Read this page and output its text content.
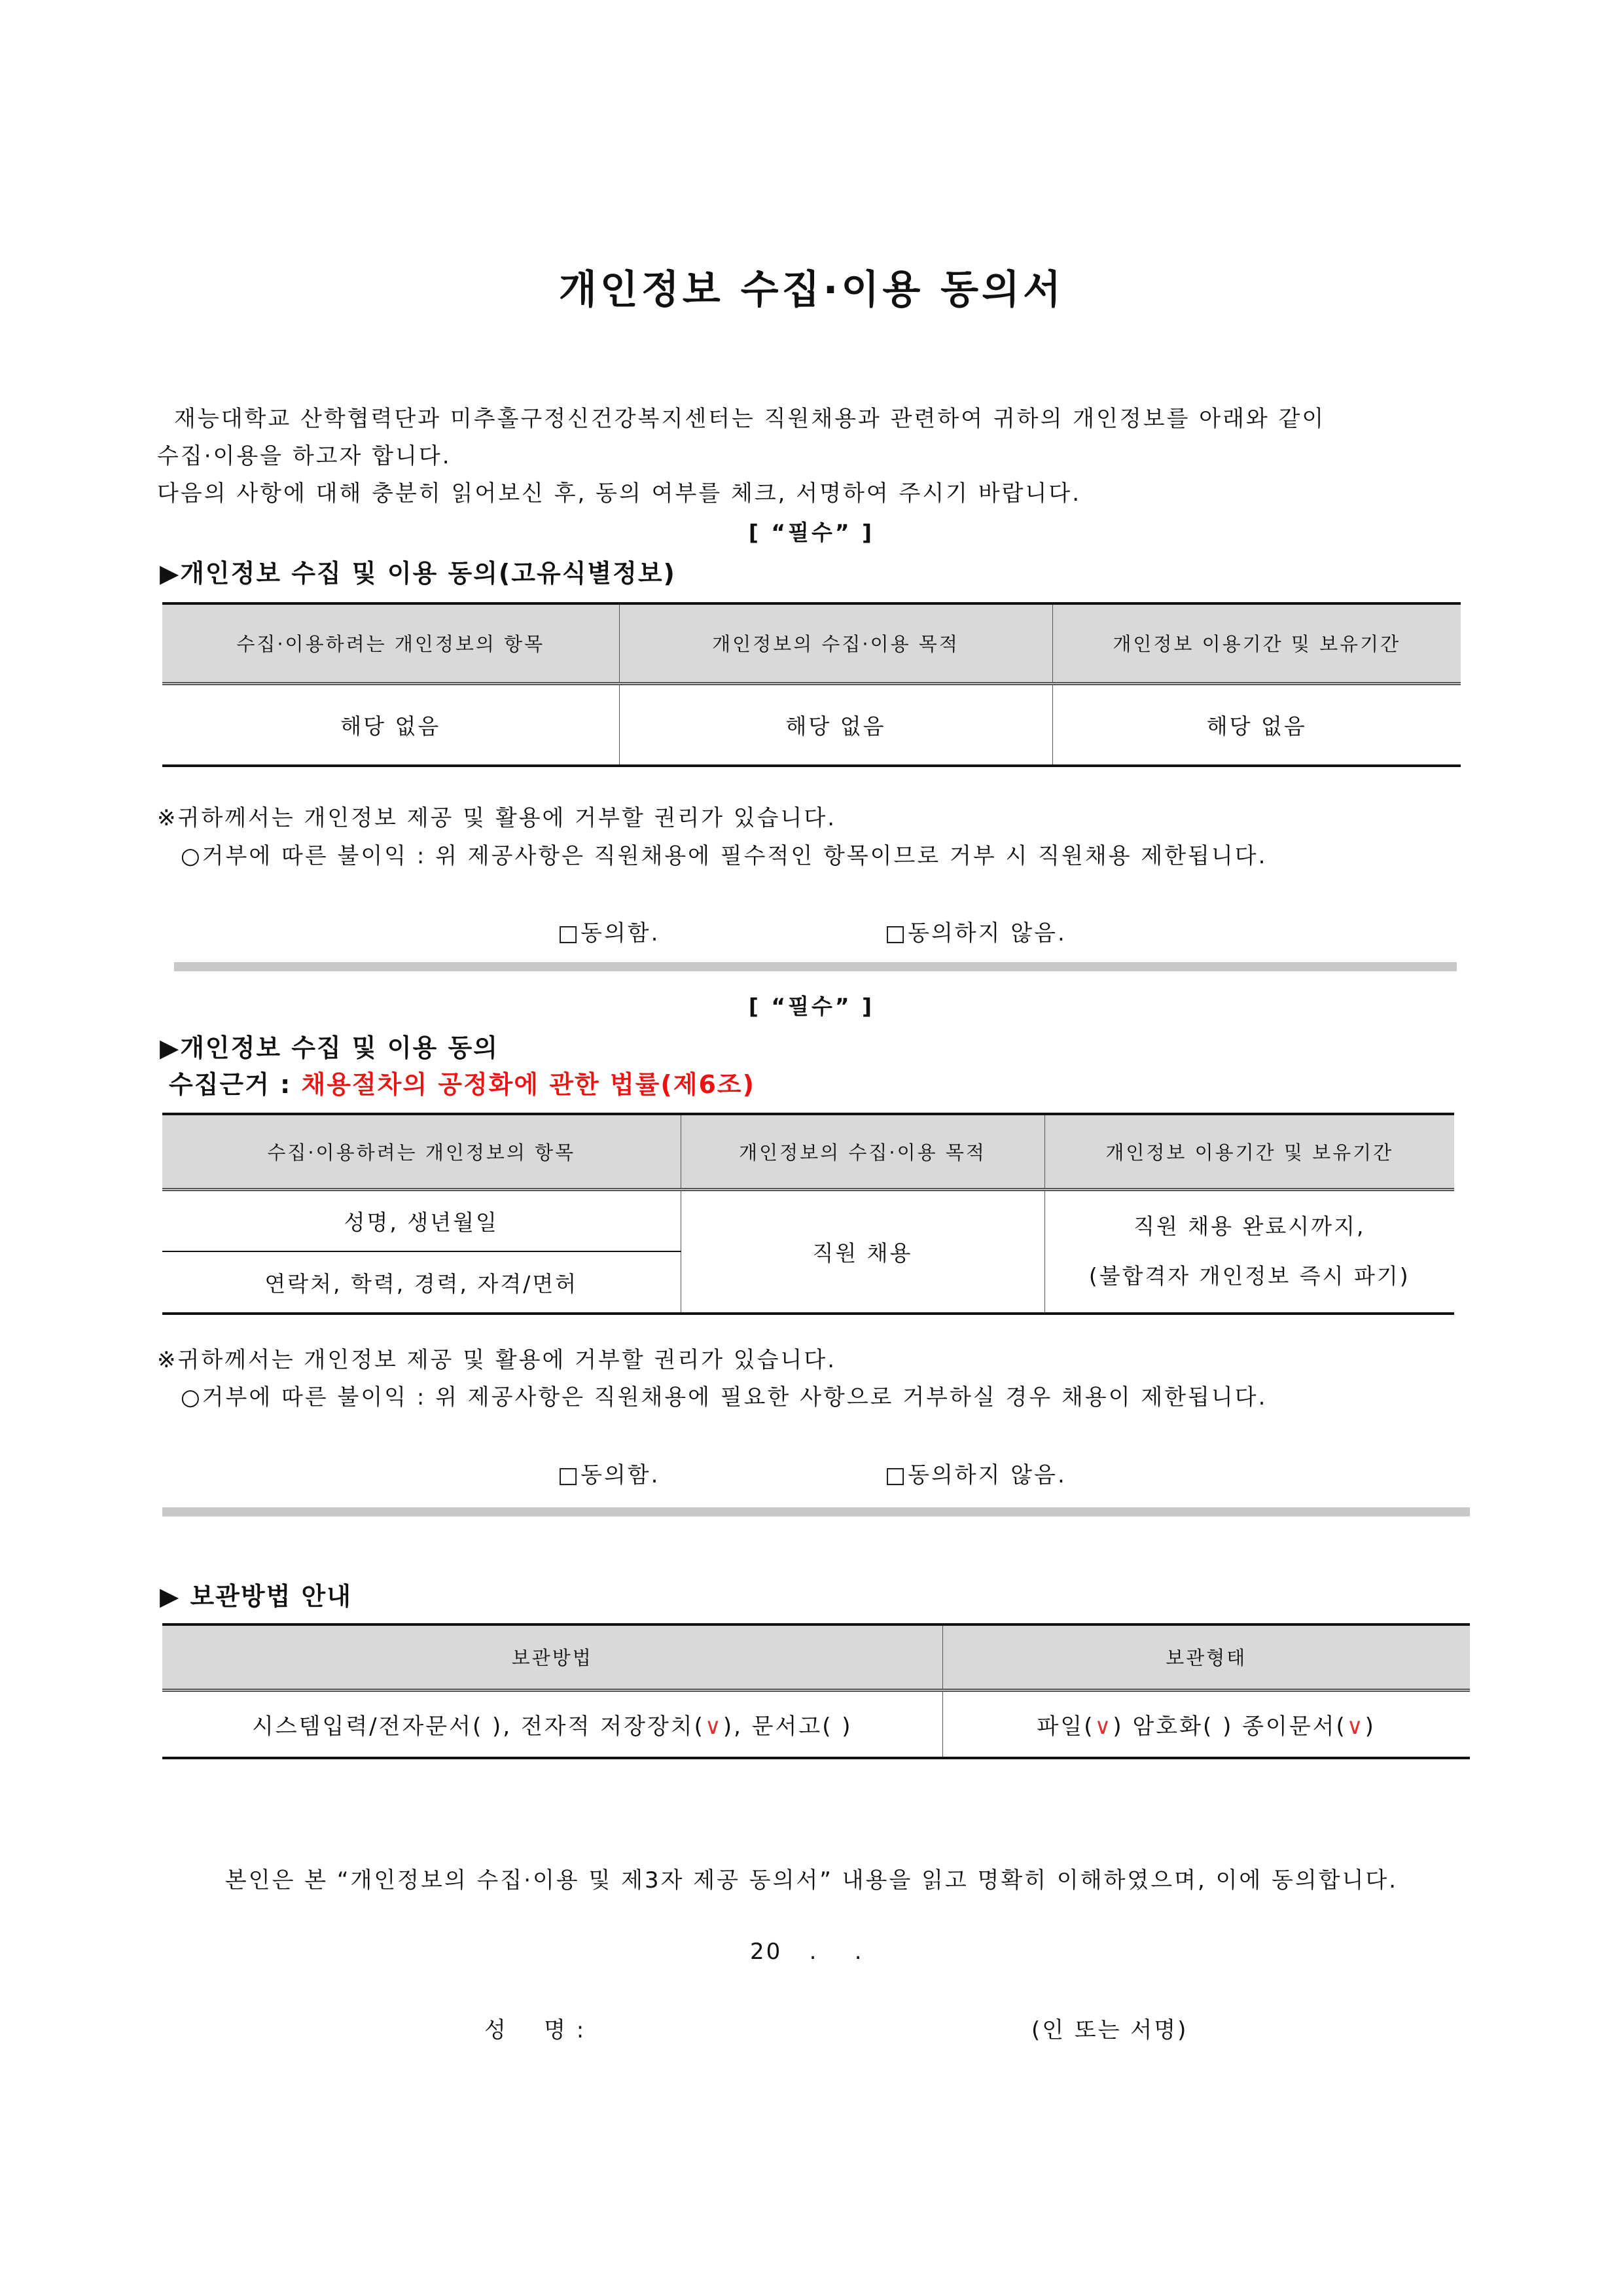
개인정보 수집·이용 동의서
재능대학교 산학협력단과 미추홀구정신건강복지센터는 직원채용과 관련하여 귀하의 개인정보를 아래와 같이
수집·이용을 하고자 합니다.
다음의 사항에 대해 충분히 읽어보신 후, 동의 여부를 체크, 서명하여 주시기 바랍니다.
[ “필수” ]
▶개인정보 수집 및 이용 동의(고유식별정보)
수집·이용하려는 개인정보의 항목	개인정보의 수집·이용 목적	개인정보 이용기간 및 보유기간
해당 없음	해당 없음	해당 없음
※귀하께서는 개인정보 제공 및 활용에 거부할 권리가 있습니다.
○거부에 따른 불이익 : 위 제공사항은 직원채용에 필수적인 항목이므로 거부 시 직원채용 제한됩니다.
□동의함.	□동의하지 않음.
[ “필수” ]
▶개인정보 수집 및 이용 동의
수집근거 : 채용절차의 공정화에 관한 법률(제6조)
수집·이용하려는 개인정보의 항목	개인정보의 수집·이용 목적	개인정보 이용기간 및 보유기간
성명, 생년월일	직원 채용	직원 채용 완료시까지,
(불합격자 개인정보 즉시 파기)

연락처, 학력, 경력, 자격/면허		
※귀하께서는 개인정보 제공 및 활용에 거부할 권리가 있습니다.
○거부에 따른 불이익 : 위 제공사항은 직원채용에 필요한 사항으로 거부하실 경우 채용이 제한됩니다.
□동의함.	□동의하지 않음.
▶ 보관방법 안내
보관방법	보관형태
시스템입력/전자문서( ), 전자적 저장장치(∨), 문서고( )	파일(∨) 암호화( ) 종이문서(∨)
본인은 본 “개인정보의 수집·이용 및 제3자 제공 동의서” 내용을 읽고 명확히 이해하였으며, 이에 동의합니다.
20   .    .
성    명 :	(인 또는 서명)
